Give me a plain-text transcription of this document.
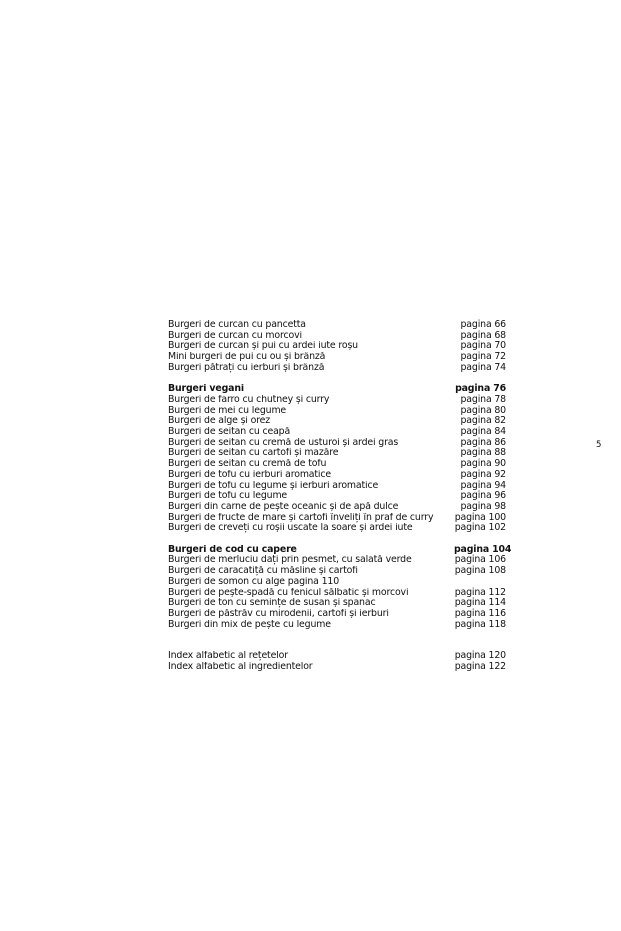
Burgeri de curcan cu pancetta	pagina 66
Burgeri de curcan cu morcovi	pagina 68
Burgeri de curcan și pui cu ardei iute roșu	pagina 70
Mini burgeri de pui cu ou și brânză	pagina 72
Burgeri pătrați cu ierburi și brânză	pagina 74
Burgeri vegani	pagina 76
Burgeri de farro cu chutney și curry	pagina 78
Burgeri de mei cu legume	pagina 80
Burgeri de alge și orez	pagina 82
Burgeri de seitan cu ceapă	pagina 84
Burgeri de seitan cu cremă de usturoi și ardei gras	pagina 86
Burgeri de seitan cu cartofi și mazăre	pagina 88
Burgeri de seitan cu cremă de tofu	pagina 90
Burgeri de tofu cu ierburi aromatice	pagina 92
Burgeri de tofu cu legume și ierburi aromatice	pagina 94
Burgeri de tofu cu legume	pagina 96
Burgeri din carne de pește oceanic și de apă dulce	pagina 98
Burgeri de fructe de mare și cartofi înveliți în praf de curry	pagina 100
Burgeri de creveți cu roșii uscate la soare și ardei iute	pagina 102
Burgeri de cod cu capere	pagina 104
Burgeri de merluciu dați prin pesmet, cu salată verde	pagina 106
Burgeri de caracatiță cu măsline și cartofi	pagina 108
Burgeri de somon cu alge pagina 110
Burgeri de pește-spadă cu fenicul sălbatic și morcovi	pagina 112
Burgeri de ton cu semințe de susan și spanac	pagina 114
Burgeri de păstrăv cu mirodenii, cartofi și ierburi	pagina 116
Burgeri din mix de pește cu legume	pagina 118
Index alfabetic al rețetelor	pagina 120
Index alfabetic al ingredientelor	pagina 122
5
